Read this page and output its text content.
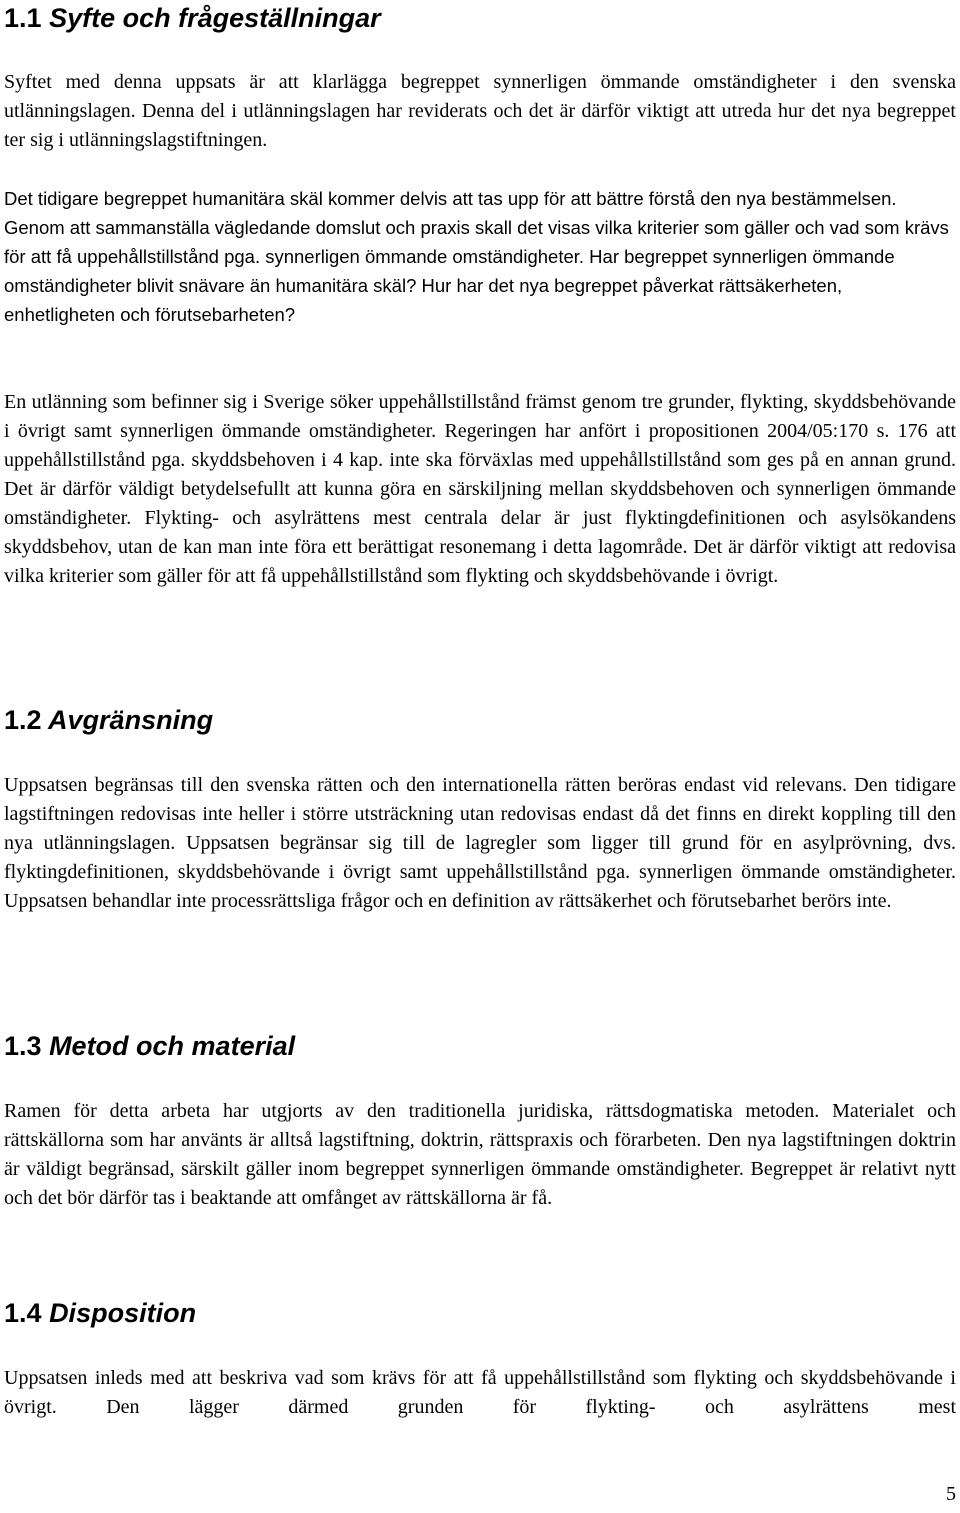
1.1 Syfte och frågeställningar

Syftet med denna uppsats är att klarlägga begreppet synnerligen ömmande omständigheter i den svenska utlänningslagen. Denna del i utlänningslagen har reviderats och det är därför viktigt att utreda hur det nya begreppet ter sig i utlänningslagstiftningen.

Det tidigare begreppet humanitära skäl kommer delvis att tas upp för att bättre förstå den nya bestämmelsen. Genom att sammanställa vägledande domslut och praxis skall det visas vilka kriterier som gäller och vad som krävs för att få uppehållstillstånd pga. synnerligen ömmande omständigheter. Har begreppet synnerligen ömmande omständigheter blivit snävare än humanitära skäl? Hur har det nya begreppet påverkat rättsäkerheten, enhetligheten och förutsebarheten?

En utlänning som befinner sig i Sverige söker uppehållstillstånd främst genom tre grunder, flykting, skyddsbehövande i övrigt samt synnerligen ömmande omständigheter. Regeringen har anfört i propositionen 2004/05:170 s. 176 att uppehållstillstånd pga. skyddsbehoven i 4 kap. inte ska förväxlas med uppehållstillstånd som ges på en annan grund. Det är därför väldigt betydelsefullt att kunna göra en särskiljning mellan skyddsbehoven och synnerligen ömmande omständigheter. Flykting- och asylrättens mest centrala delar är just flyktingdefinitionen och asylsökandens skyddsbehov, utan de kan man inte föra ett berättigat resonemang i detta lagområde. Det är därför viktigt att redovisa vilka kriterier som gäller för att få uppehållstillstånd som flykting och skyddsbehövande i övrigt.

1.2 Avgränsning

Uppsatsen begränsas till den svenska rätten och den internationella rätten beröras endast vid relevans. Den tidigare lagstiftningen redovisas inte heller i större utsträckning utan redovisas endast då det finns en direkt koppling till den nya utlänningslagen. Uppsatsen begränsar sig till de lagregler som ligger till grund för en asylprövning, dvs. flyktingdefinitionen, skyddsbehövande i övrigt samt uppehållstillstånd pga. synnerligen ömmande omständigheter. Uppsatsen behandlar inte processrättsliga frågor och en definition av rättsäkerhet och förutsebarhet berörs inte.

1.3 Metod och material

Ramen för detta arbeta har utgjorts av den traditionella juridiska, rättsdogmatiska metoden. Materialet och rättskällorna som har använts är alltså lagstiftning, doktrin, rättspraxis och förarbeten. Den nya lagstiftningen doktrin är väldigt begränsad, särskilt gäller inom begreppet synnerligen ömmande omständigheter. Begreppet är relativt nytt och det bör därför tas i beaktande att omfånget av rättskällorna är få.

1.4 Disposition

Uppsatsen inleds med att beskriva vad som krävs för att få uppehållstillstånd som flykting och skyddsbehövande i övrigt. Den lägger därmed grunden för flykting- och asylrättens mest

5
